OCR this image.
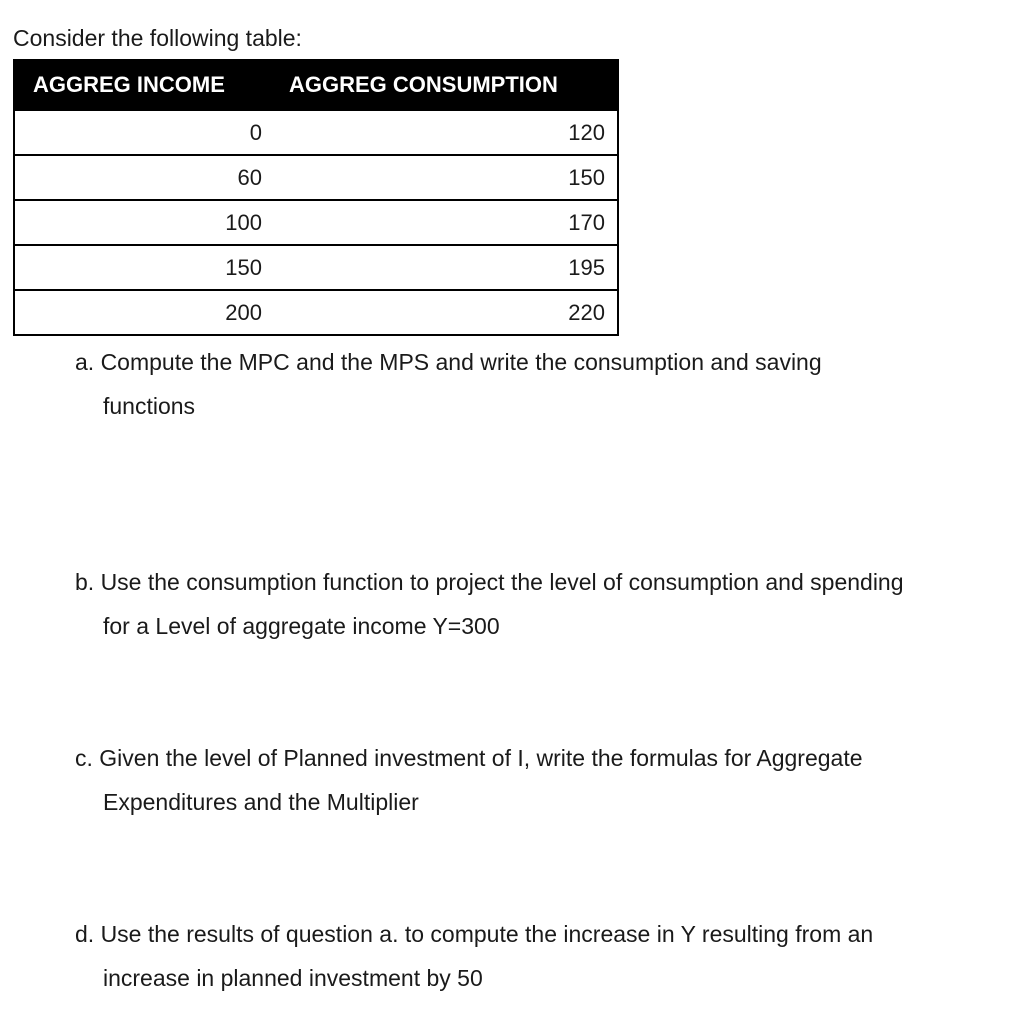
Consider the following table:
AGGREG INCOME	AGGREG CONSUMPTION
0	120
60	150
100	170
150	195
200	220
a. Compute the MPC and the MPS and write the consumption and saving
functions
b. Use the consumption function to project the level of consumption and spending
for a Level of aggregate income Y=300
c. Given the level of Planned investment of I, write the formulas for Aggregate
Expenditures and the Multiplier
d. Use the results of question a. to compute the increase in Y resulting from an
increase in planned investment by 50
